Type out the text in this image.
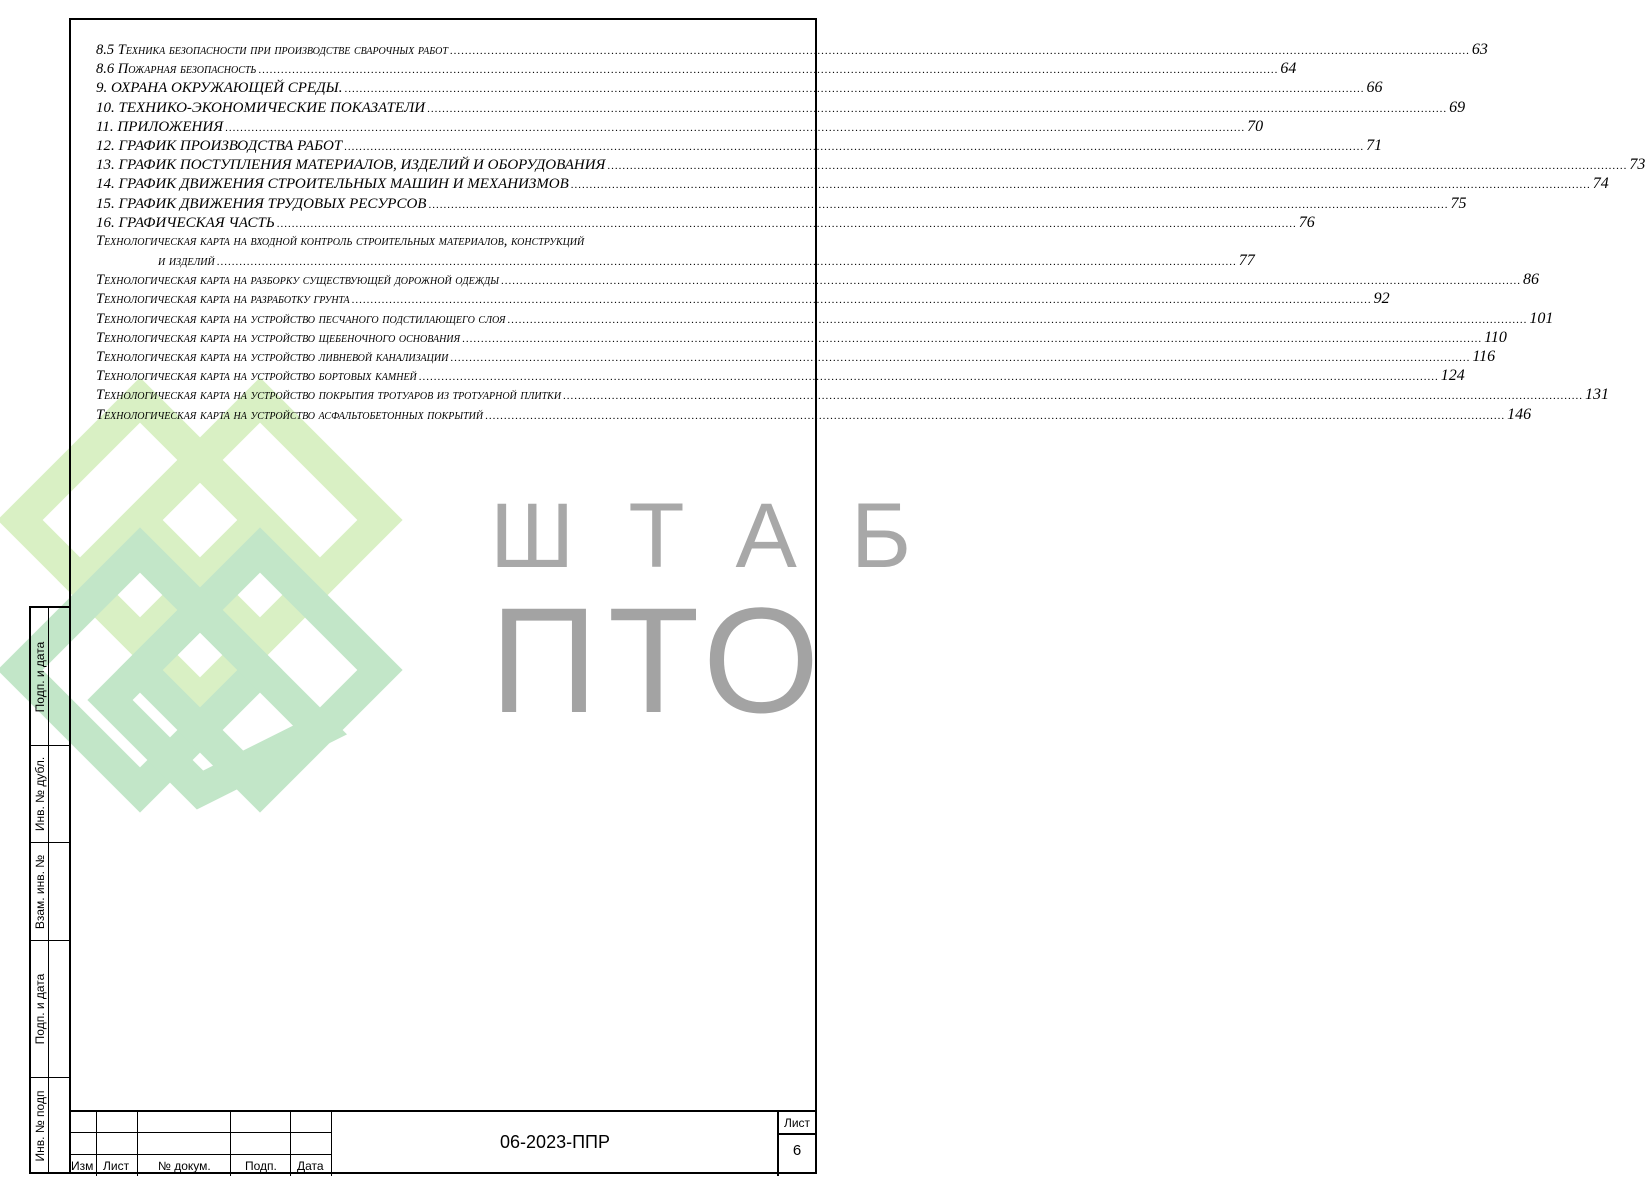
ШТАБ
ПТО
8.5 Техника безопасности при производстве сварочных работ .....	63
8.6 Пожарная безопасность .....	64
9. ОХРАНА ОКРУЖАЮЩЕЙ СРЕДЫ. .....	66
10. ТЕХНИКО-ЭКОНОМИЧЕСКИЕ ПОКАЗАТЕЛИ .....	69
11. ПРИЛОЖЕНИЯ .....	70
12. ГРАФИК ПРОИЗВОДСТВА РАБОТ .....	71
13. ГРАФИК ПОСТУПЛЕНИЯ МАТЕРИАЛОВ, ИЗДЕЛИЙ И ОБОРУДОВАНИЯ .....	73
14. ГРАФИК ДВИЖЕНИЯ СТРОИТЕЛЬНЫХ МАШИН И МЕХАНИЗМОВ .....	74
15. ГРАФИК ДВИЖЕНИЯ ТРУДОВЫХ РЕСУРСОВ .....	75
16. ГРАФИЧЕСКАЯ ЧАСТЬ .....	76
Технологическая карта на входной контроль строительных материалов, конструкций
и изделий .....	77
Технологическая карта на разборку существующей дорожной одежды .....	86
Технологическая карта на разработку грунта .....	92
Технологическая карта на устройство песчаного подстилающего слоя .....	101
Технологическая карта на устройство щебеночного основания .....	110
Технологическая карта на устройство ливневой канализации .....	116
Технологическая карта на устройство бортовых камней .....	124
Технологическая карта на устройство покрытия тротуаров из тротуарной плитки .....	131
Технологическая карта на устройство асфальтобетонных покрытий .....	146
Подп. и дата
Инв. № дубл.
Взам. инв. №
Подп. и дата
Инв. № подп
Изм Лист № докум.	Подп. Дата
06-2023-ППР
Лист
6
